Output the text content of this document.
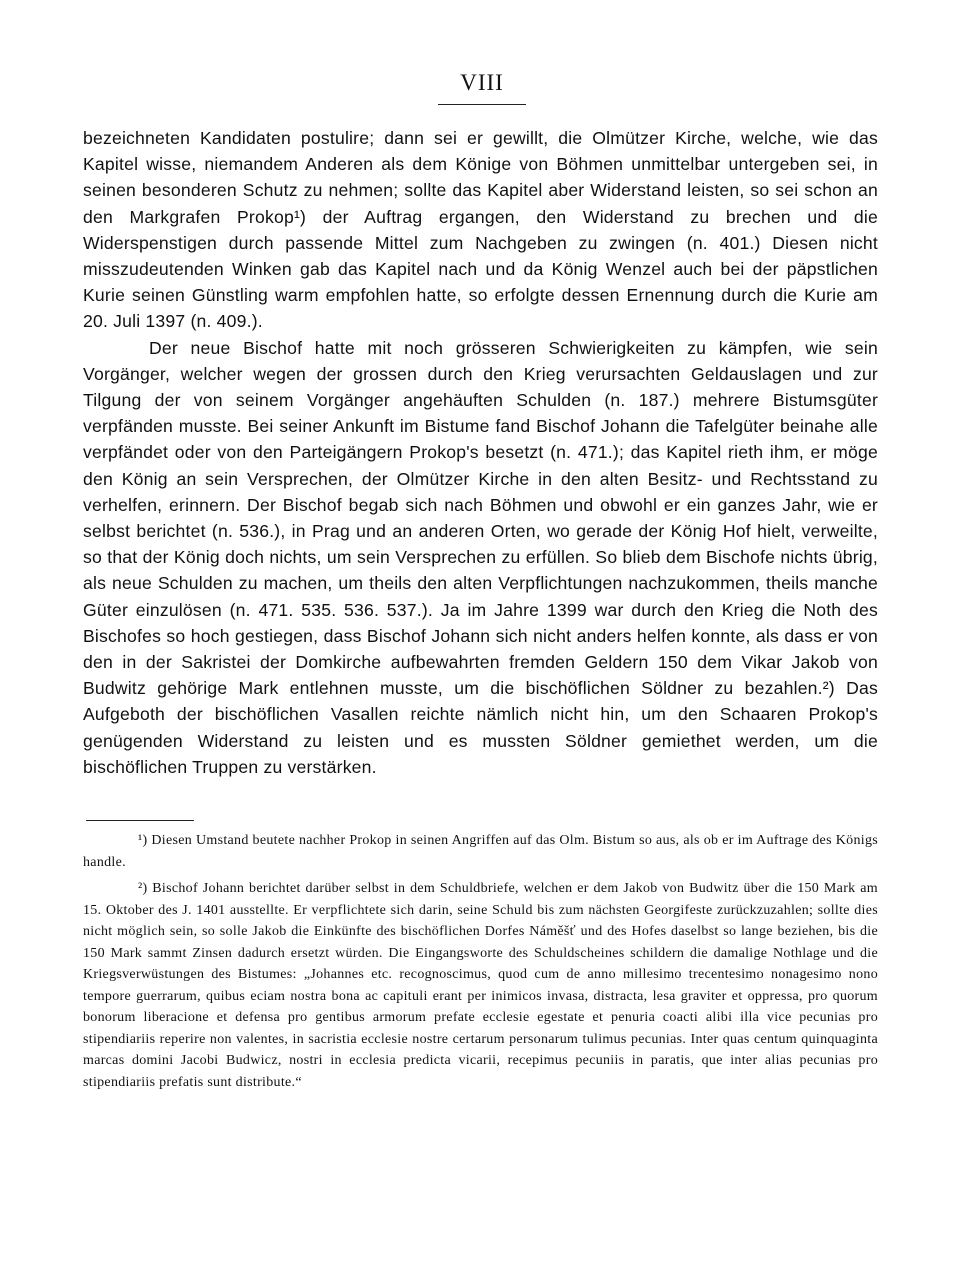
VIII

bezeichneten Kandidaten postulire; dann sei er gewillt, die Olmützer Kirche, welche, wie das Kapitel wisse, niemandem Anderen als dem Könige von Böhmen unmittelbar untergeben sei, in seinen besonderen Schutz zu nehmen; sollte das Kapitel aber Widerstand leisten, so sei schon an den Markgrafen Prokop¹) der Auftrag ergangen, den Widerstand zu brechen und die Widerspenstigen durch passende Mittel zum Nachgeben zu zwingen (n. 401.) Diesen nicht misszudeutenden Winken gab das Kapitel nach und da König Wenzel auch bei der päpstlichen Kurie seinen Günstling warm empfohlen hatte, so erfolgte dessen Ernennung durch die Kurie am 20. Juli 1397 (n. 409.).

Der neue Bischof hatte mit noch grösseren Schwierigkeiten zu kämpfen, wie sein Vorgänger, welcher wegen der grossen durch den Krieg verursachten Geldauslagen und zur Tilgung der von seinem Vorgänger angehäuften Schulden (n. 187.) mehrere Bistumsgüter verpfänden musste. Bei seiner Ankunft im Bistume fand Bischof Johann die Tafelgüter beinahe alle verpfändet oder von den Parteigängern Prokop's besetzt (n. 471.); das Kapitel rieth ihm, er möge den König an sein Versprechen, der Olmützer Kirche in den alten Besitz- und Rechtsstand zu verhelfen, erinnern. Der Bischof begab sich nach Böhmen und obwohl er ein ganzes Jahr, wie er selbst berichtet (n. 536.), in Prag und an anderen Orten, wo gerade der König Hof hielt, verweilte, so that der König doch nichts, um sein Versprechen zu erfüllen. So blieb dem Bischofe nichts übrig, als neue Schulden zu machen, um theils den alten Verpflichtungen nachzukommen, theils manche Güter einzulösen (n. 471. 535. 536. 537.). Ja im Jahre 1399 war durch den Krieg die Noth des Bischofes so hoch gestiegen, dass Bischof Johann sich nicht anders helfen konnte, als dass er von den in der Sakristei der Domkirche aufbewahrten fremden Geldern 150 dem Vikar Jakob von Budwitz gehörige Mark entlehnen musste, um die bischöflichen Söldner zu bezahlen.²) Das Aufgeboth der bischöflichen Vasallen reichte nämlich nicht hin, um den Schaaren Prokop's genügenden Widerstand zu leisten und es mussten Söldner gemiethet werden, um die bischöflichen Truppen zu verstärken.

¹) Diesen Umstand beutete nachher Prokop in seinen Angriffen auf das Olm. Bistum so aus, als ob er im Auftrage des Königs handle.

²) Bischof Johann berichtet darüber selbst in dem Schuldbriefe, welchen er dem Jakob von Budwitz über die 150 Mark am 15. Oktober des J. 1401 ausstellte. Er verpflichtete sich darin, seine Schuld bis zum nächsten Georgifeste zurückzuzahlen; sollte dies nicht möglich sein, so solle Jakob die Einkünfte des bischöflichen Dorfes Náměšť und des Hofes daselbst so lange beziehen, bis die 150 Mark sammt Zinsen dadurch ersetzt würden. Die Eingangsworte des Schuldscheines schildern die damalige Nothlage und die Kriegsverwüstungen des Bistumes: „Johannes etc. recognoscimus, quod cum de anno millesimo trecentesimo nonagesimo nono tempore guerrarum, quibus eciam nostra bona ac capituli erant per inimicos invasa, distracta, lesa graviter et oppressa, pro quorum bonorum liberacione et defensa pro gentibus armorum prefate ecclesie egestate et penuria coacti alibi illa vice pecunias pro stipendiariis reperire non valentes, in sacristia ecclesie nostre certarum personarum tulimus pecunias. Inter quas centum quinquaginta marcas domini Jacobi Budwicz, nostri in ecclesia predicta vicarii, recepimus pecuniis in paratis, que inter alias pecunias pro stipendiariis prefatis sunt distribute.“
